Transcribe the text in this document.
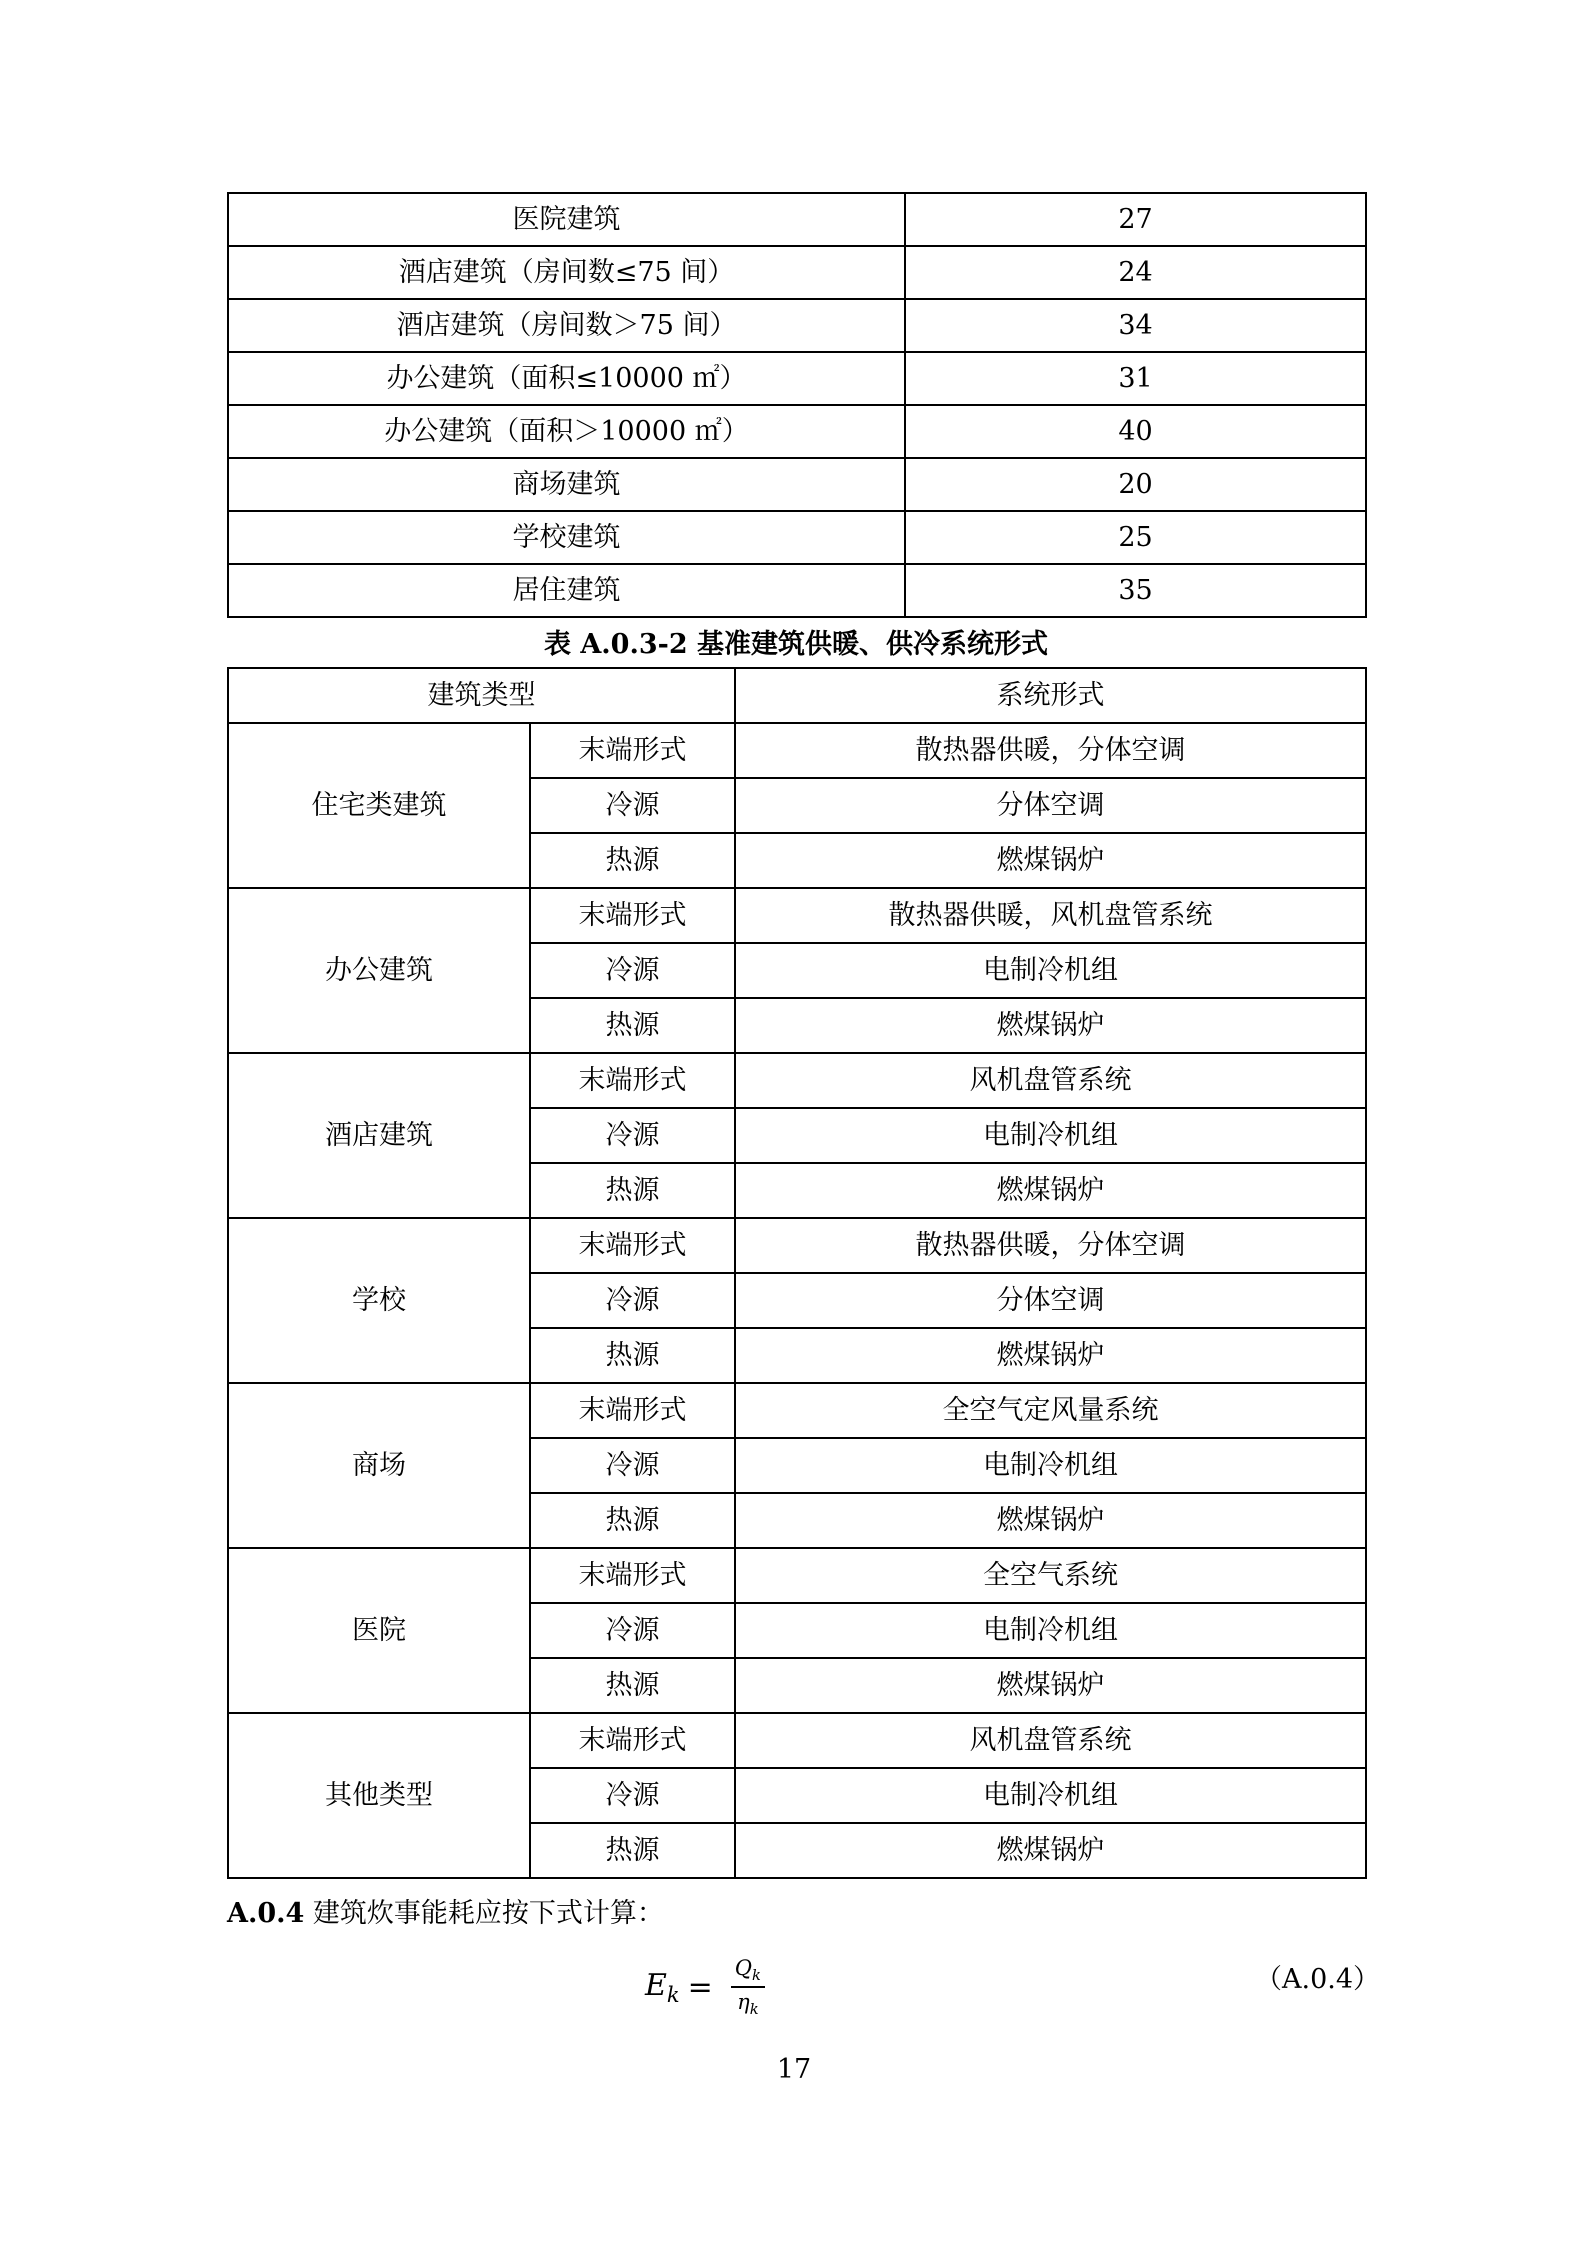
医院建筑	27
酒店建筑（房间数≤75 间）	24
酒店建筑（房间数＞75 间）	34
办公建筑（面积≤10000 ㎡）	31
办公建筑（面积＞10000 ㎡）	40
商场建筑	20
学校建筑	25
居住建筑	35
表 A.0.3-2 基准建筑供暖、供冷系统形式
建筑类型		系统形式
住宅类建筑	末端形式	散热器供暖，分体空调
	冷源	分体空调
	热源	燃煤锅炉
办公建筑	末端形式	散热器供暖，风机盘管系统
	冷源	电制冷机组
	热源	燃煤锅炉
酒店建筑	末端形式	风机盘管系统
	冷源	电制冷机组
	热源	燃煤锅炉
学校	末端形式	散热器供暖，分体空调
	冷源	分体空调
	热源	燃煤锅炉
商场	末端形式	全空气定风量系统
	冷源	电制冷机组
	热源	燃煤锅炉
医院	末端形式	全空气系统
	冷源	电制冷机组
	热源	燃煤锅炉
其他类型	末端形式	风机盘管系统
	冷源	电制冷机组
	热源	燃煤锅炉
A.0.4 建筑炊事能耗应按下式计算：
$E_k = \frac{Q_k}{\eta_k}$	（A.0.4）
17
